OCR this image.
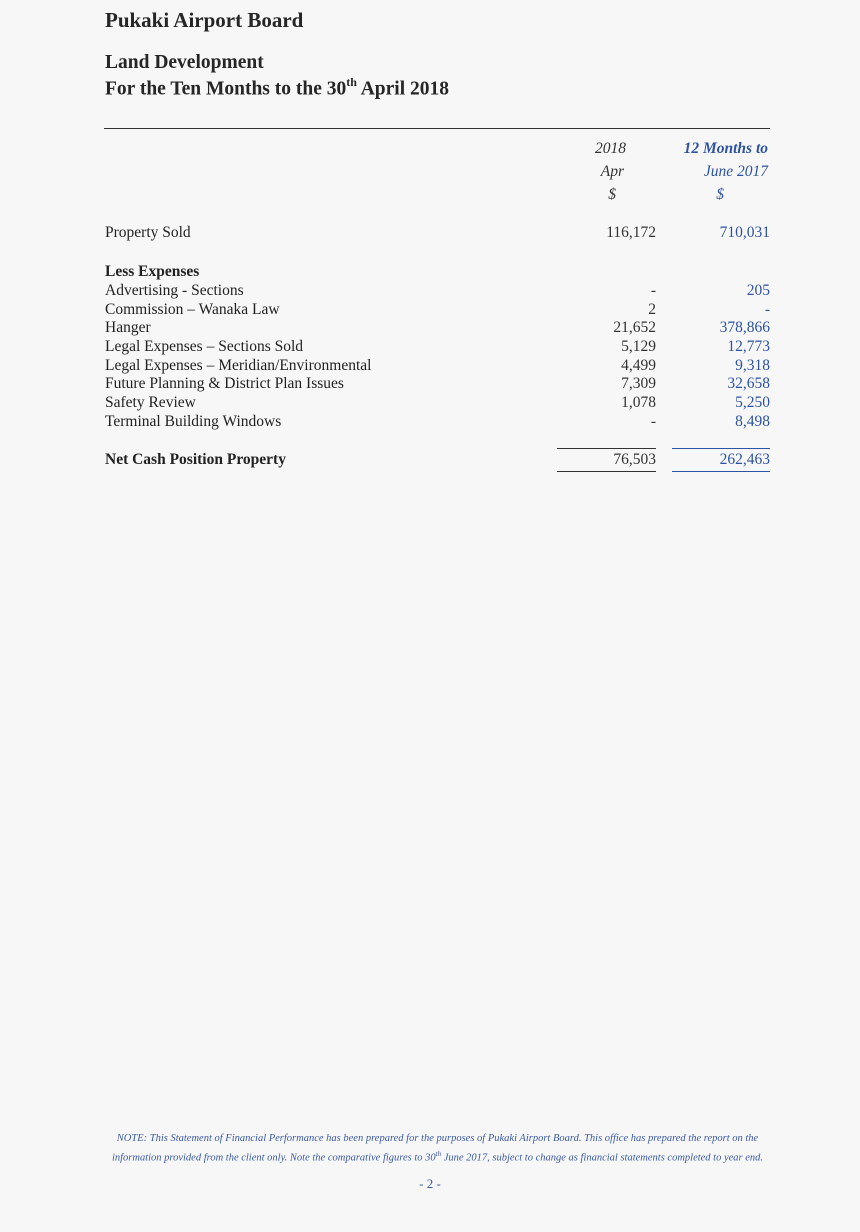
Pukaki Airport Board
Land Development
For the Ten Months to the 30th April 2018
2018
Apr
$
12 Months to
June 2017
$
Property Sold	116,172	710,031
Less Expenses
Advertising - Sections	-	205
Commission – Wanaka Law	2	-
Hanger	21,652	378,866
Legal Expenses – Sections Sold	5,129	12,773
Legal Expenses – Meridian/Environmental	4,499	9,318
Future Planning & District Plan Issues	7,309	32,658
Safety Review	1,078	5,250
Terminal Building Windows	-	8,498
Net Cash Position Property	76,503	262,463
NOTE: This Statement of Financial Performance has been prepared for the purposes of Pukaki Airport Board. This office has prepared the report on the information provided from the client only. Note the comparative figures to 30th June 2017, subject to change as financial statements completed to year end.
- 2 -
